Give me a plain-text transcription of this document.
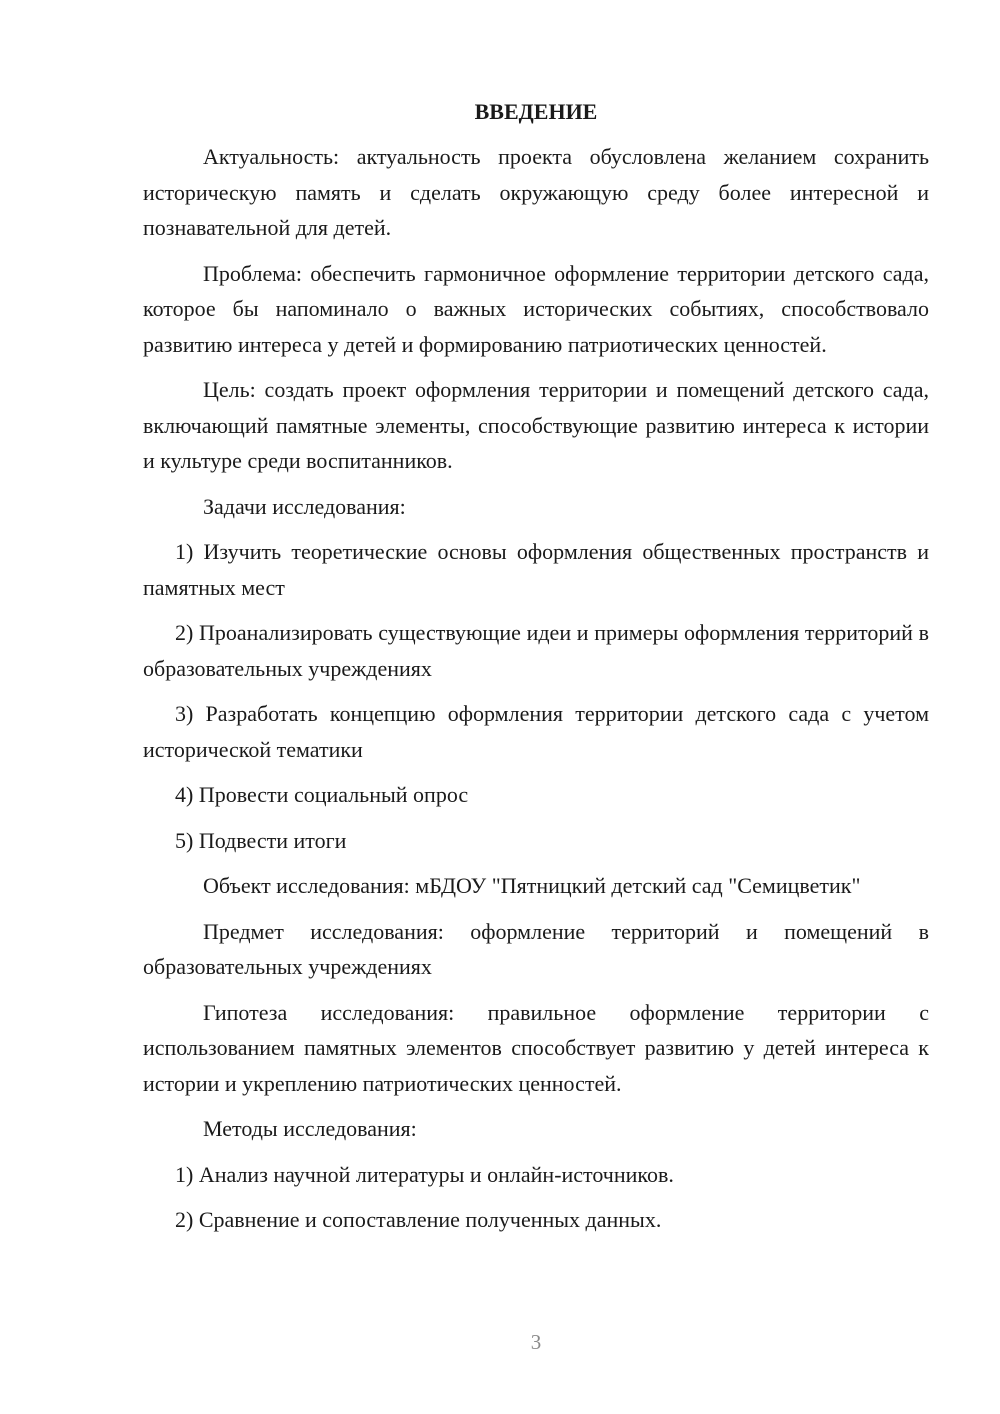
ВВЕДЕНИЕ

Актуальность: актуальность проекта обусловлена желанием сохранить историческую память и сделать окружающую среду более интересной и познавательной для детей.

Проблема: обеспечить гармоничное оформление территории детского сада, которое бы напоминало о важных исторических событиях, способствовало развитию интереса у детей и формированию патриотических ценностей.

Цель: создать проект оформления территории и помещений детского сада, включающий памятные элементы, способствующие развитию интереса к истории и культуре среди воспитанников.

Задачи исследования:

1) Изучить теоретические основы оформления общественных пространств и памятных мест

2) Проанализировать существующие идеи и примеры оформления территорий в образовательных учреждениях

3) Разработать концепцию оформления территории детского сада с учетом исторической тематики

4) Провести социальный опрос

5) Подвести итоги

Объект исследования: мБДОУ "Пятницкий детский сад "Семицветик"

Предмет исследования: оформление территорий и помещений в образовательных учреждениях

Гипотеза исследования: правильное оформление территории с использованием памятных элементов способствует развитию у детей интереса к истории и укреплению патриотических ценностей.

Методы исследования:

1) Анализ научной литературы и онлайн-источников.

2) Сравнение и сопоставление полученных данных.

3
